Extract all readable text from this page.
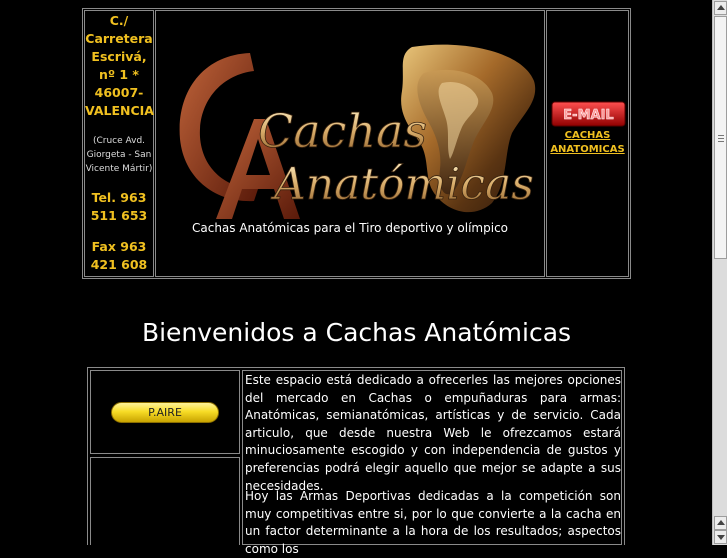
C./
Carretera
Escrivá,
nº 1 *
46007-
VALENCIA
(Cruce Avd.
Giorgeta - San
Vicente Mártir)
Tel. 963
511 653
Fax 963
421 608
Cachas
Anatómicas
Cachas Anatómicas para el Tiro deportivo y olímpico
E-MAIL
CACHAS
ANATOMICAS
Bienvenidos a Cachas Anatómicas
P.AIRE
Este espacio está dedicado a ofrecerles las mejores opciones del mercado en Cachas o empuñaduras para armas: Anatómicas, semianatómicas, artísticas y de servicio. Cada articulo, que desde nuestra Web le ofrezcamos estará minuciosamente escogido y con independencia de gustos y preferencias podrá elegir aquello que mejor se adapte a sus necesidades.
Hoy las Armas Deportivas dedicadas a la competición son muy competitivas entre si, por lo que convierte a la cacha en un factor determinante a la hora de los resultados; aspectos como los
